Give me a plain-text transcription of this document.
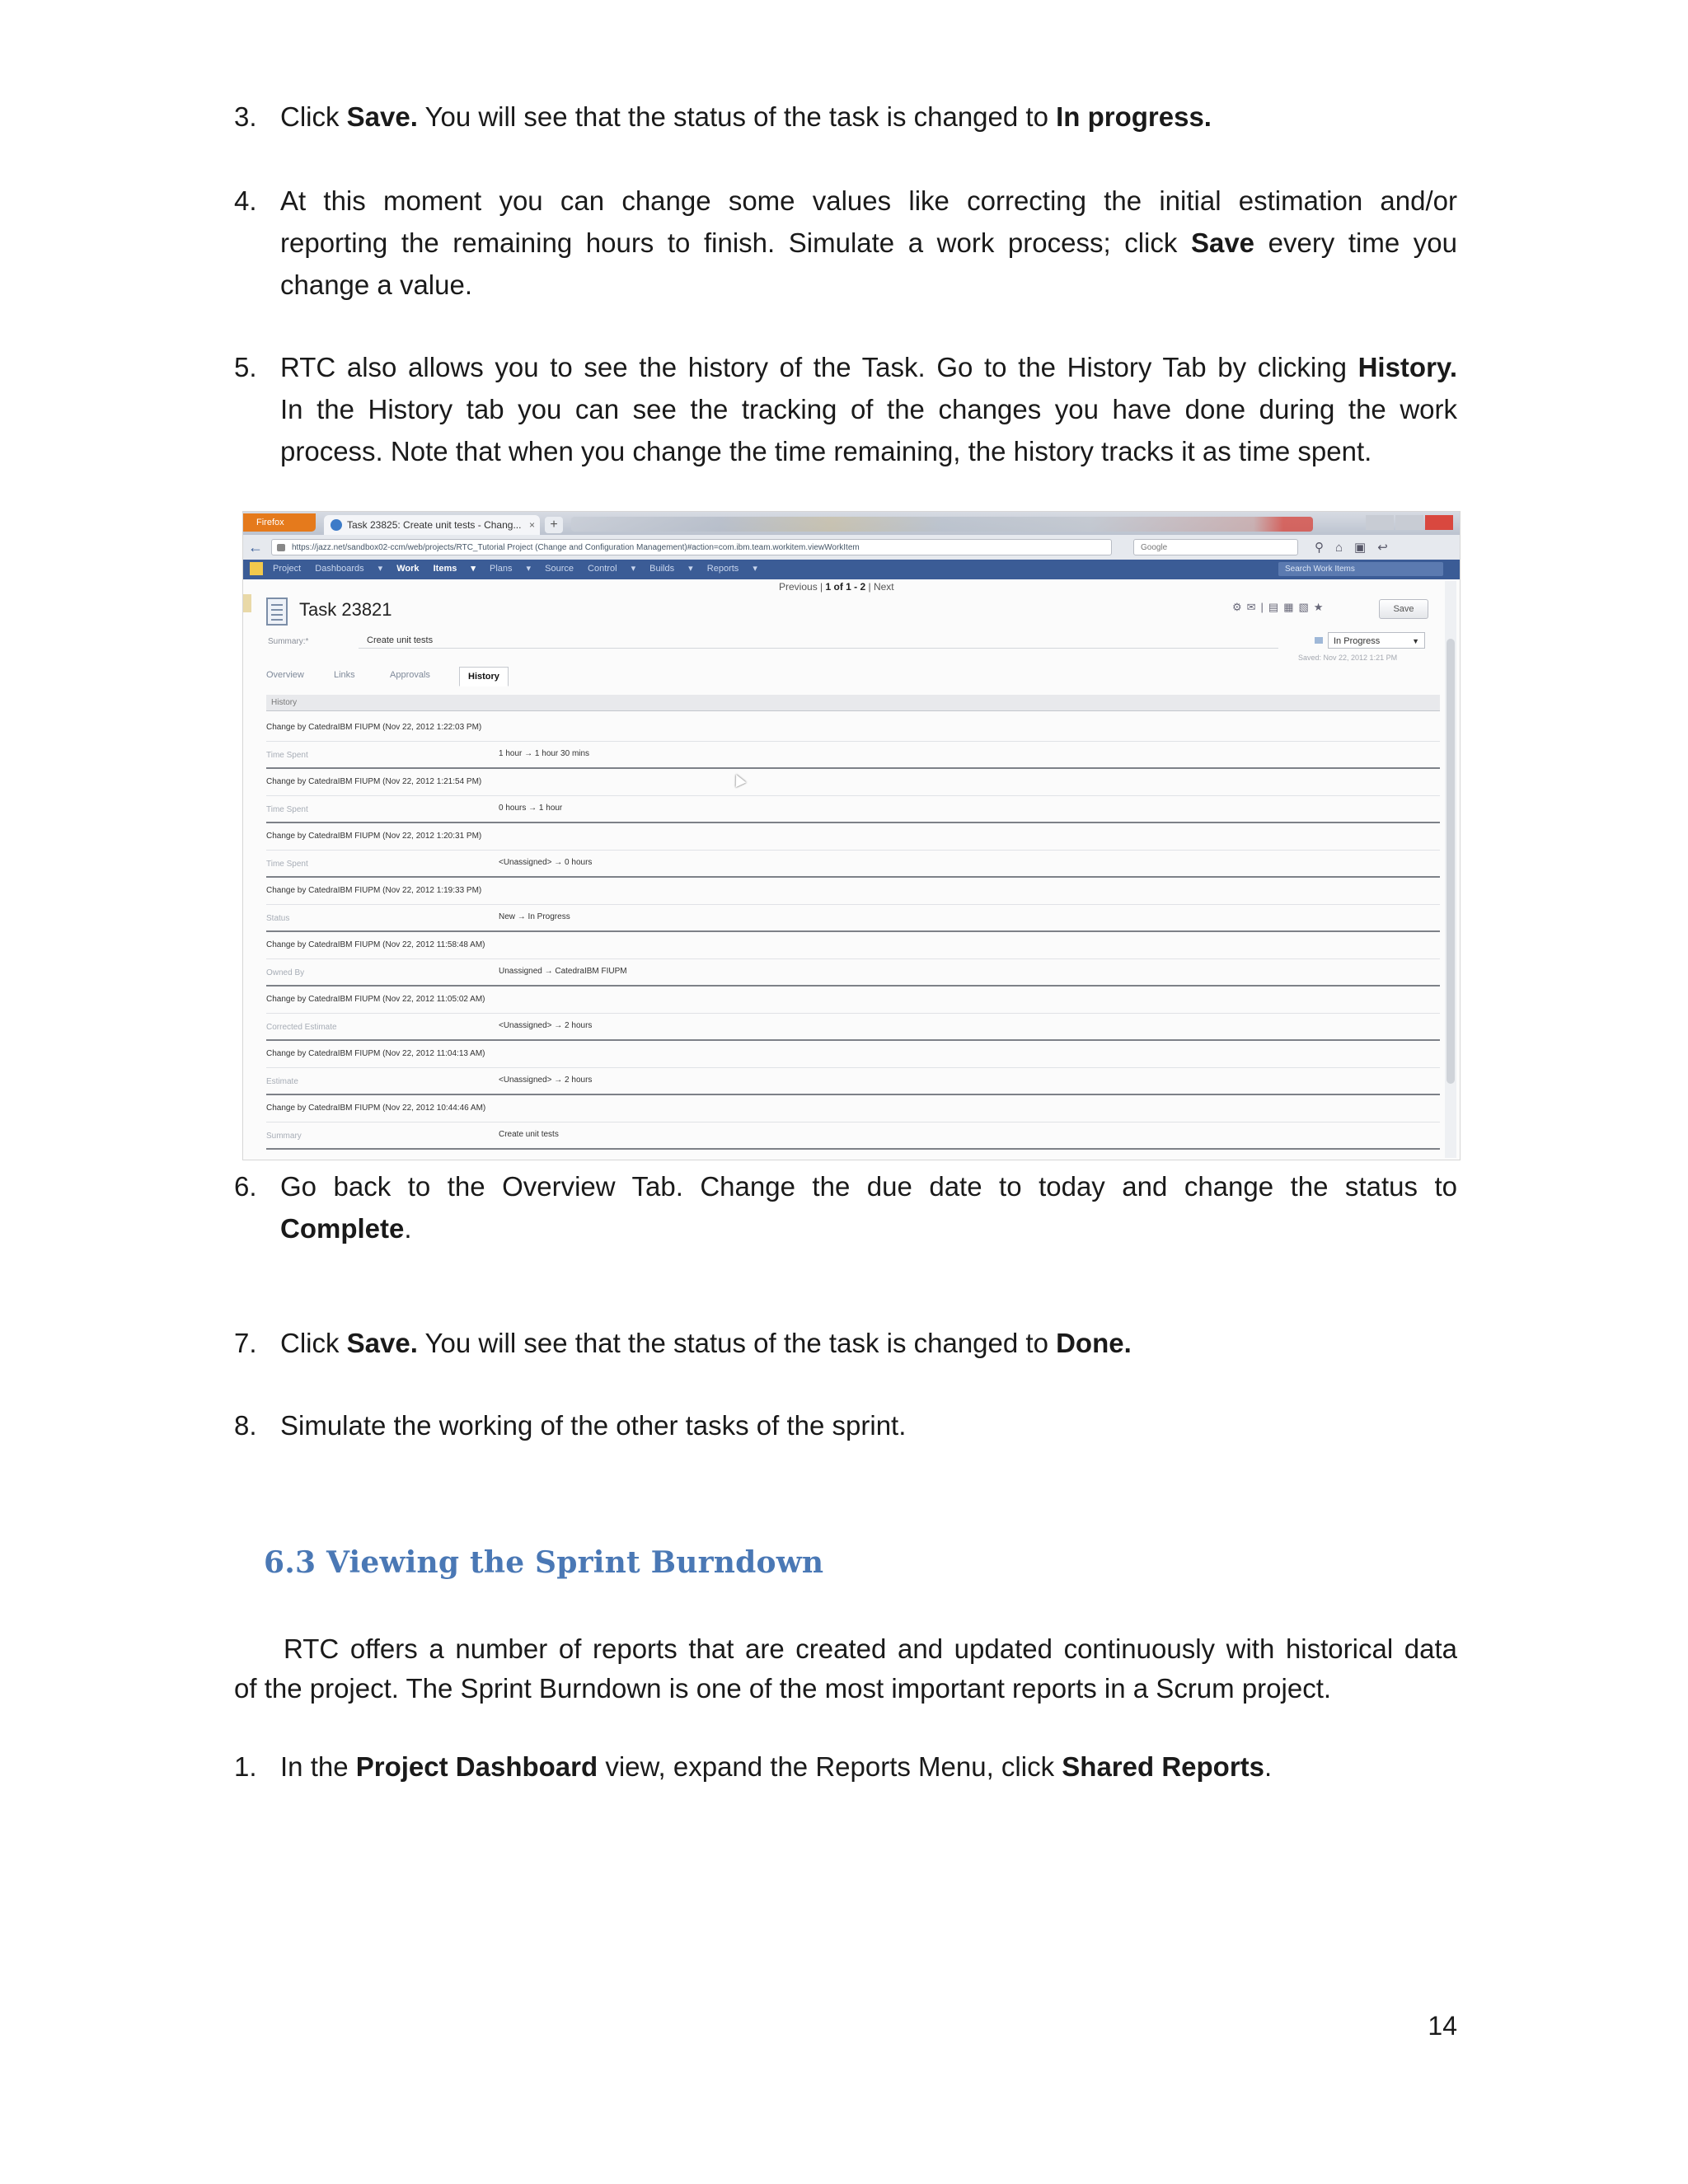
3. Click Save. You will see that the status of the task is changed to In progress.
4. At this moment you can change some values like correcting the initial estimation and/or
reporting the remaining hours to finish. Simulate a work process; click Save every time you
change a value.
5. RTC also allows you to see the history of the Task. Go to the History Tab by clicking History.
In the History tab you can see the tracking of the changes you have done during the work
process. Note that when you change the time remaining, the history tracks it as time spent.
Firefox	Task 23825: Create unit tests - Chang... ×	+
←	https://jazz.net/sandbox02-ccm/web/projects/RTC_Tutorial Project (Change and Configuration Management)#action=com.ibm.team.workitem.viewWorkItem	Google	⚲⌂▣↩
Project Dashboards ▾ Work Items ▾ Plans ▾ Source Control ▾ Builds ▾ Reports ▾	Search Work Items
Previous | 1 of 1 - 2 | Next
Task 23821	⚙✉|▤▦▧★	Save
Summary:*	Create unit tests	In Progress	▼
Saved: Nov 22, 2012 1:21 PM
Overview	Links	Approvals	History
History
Change by CatedraIBM FIUPM (Nov 22, 2012 1:22:03 PM)
Time Spent	1 hour → 1 hour 30 mins
Change by CatedraIBM FIUPM (Nov 22, 2012 1:21:54 PM)
Time Spent	0 hours → 1 hour
Change by CatedraIBM FIUPM (Nov 22, 2012 1:20:31 PM)
Time Spent	<Unassigned> → 0 hours
Change by CatedraIBM FIUPM (Nov 22, 2012 1:19:33 PM)
Status	New → In Progress
Change by CatedraIBM FIUPM (Nov 22, 2012 11:58:48 AM)
Owned By	Unassigned → CatedraIBM FIUPM
Change by CatedraIBM FIUPM (Nov 22, 2012 11:05:02 AM)
Corrected Estimate	<Unassigned> → 2 hours
Change by CatedraIBM FIUPM (Nov 22, 2012 11:04:13 AM)
Estimate	<Unassigned> → 2 hours
Change by CatedraIBM FIUPM (Nov 22, 2012 10:44:46 AM)
Summary	Create unit tests
6. Go back to the Overview Tab. Change the due date to today and change the status to
Complete.
7. Click Save. You will see that the status of the task is changed to Done.
8. Simulate the working of the other tasks of the sprint.
6.3 Viewing the Sprint Burndown
RTC offers a number of reports that are created and updated continuously with historical data
of the project. The Sprint Burndown is one of the most important reports in a Scrum project.
1. In the Project Dashboard view, expand the Reports Menu, click Shared Reports.
14
